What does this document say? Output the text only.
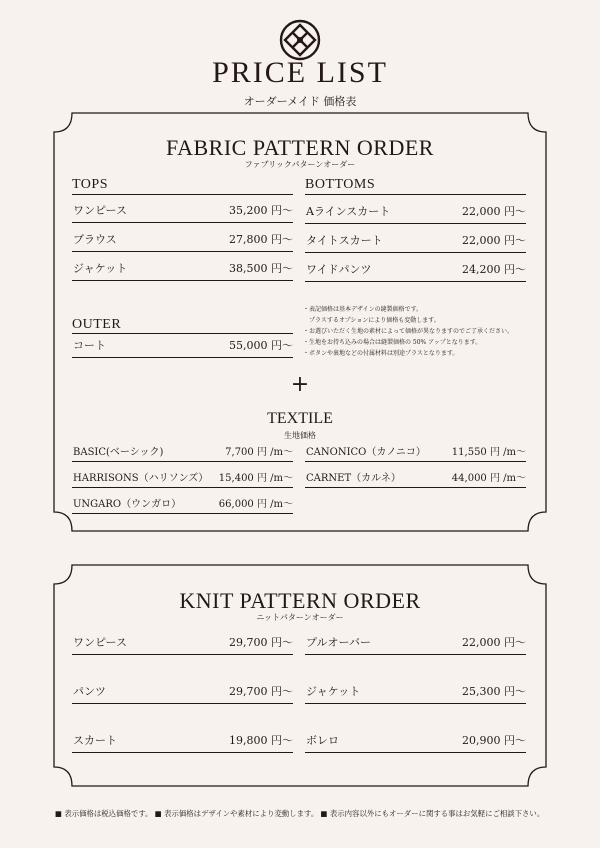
PRICE LIST
オーダーメイド 価格表
FABRIC PATTERN ORDER
ファブリックパターンオーダー
TOPS
ワンピース	35,200 円〜
ブラウス	27,800 円〜
ジャケット	38,500 円〜
BOTTOMS
Aラインスカート	22,000 円〜
タイトスカート	22,000 円〜
ワイドパンツ	24,200 円〜
OUTER
コート	55,000 円〜
・表記価格は基本デザインの縫製価格です。
　プラスするオプションにより価格も変動します。
・お選びいただく生地の素材によって価格が異なりますのでご了承ください。
・生地をお持ち込みの場合は縫製価格の 50% アップとなります。
・ボタンや裏地などの付属材料は別途プラスとなります。
+
TEXTILE
生地価格
BASIC(ベーシック)	7,700 円 /m〜
HARRISONS（ハリソンズ） 15,400 円 /m〜
UNGARO（ウンガロ）	66,000 円 /m〜
CANONICO（カノニコ）	11,550 円 /m〜
CARNET（カルネ）	44,000 円 /m〜
KNIT PATTERN ORDER
ニットパターンオーダー
ワンピース	29,700 円〜
パンツ	29,700 円〜
スカート	19,800 円〜
プルオーバー	22,000 円〜
ジャケット	25,300 円〜
ボレロ	20,900 円〜
■ 表示価格は税込価格です。 ■ 表示価格はデザインや素材により変動します。 ■ 表示内容以外にもオーダーに関する事はお気軽にご相談下さい。
